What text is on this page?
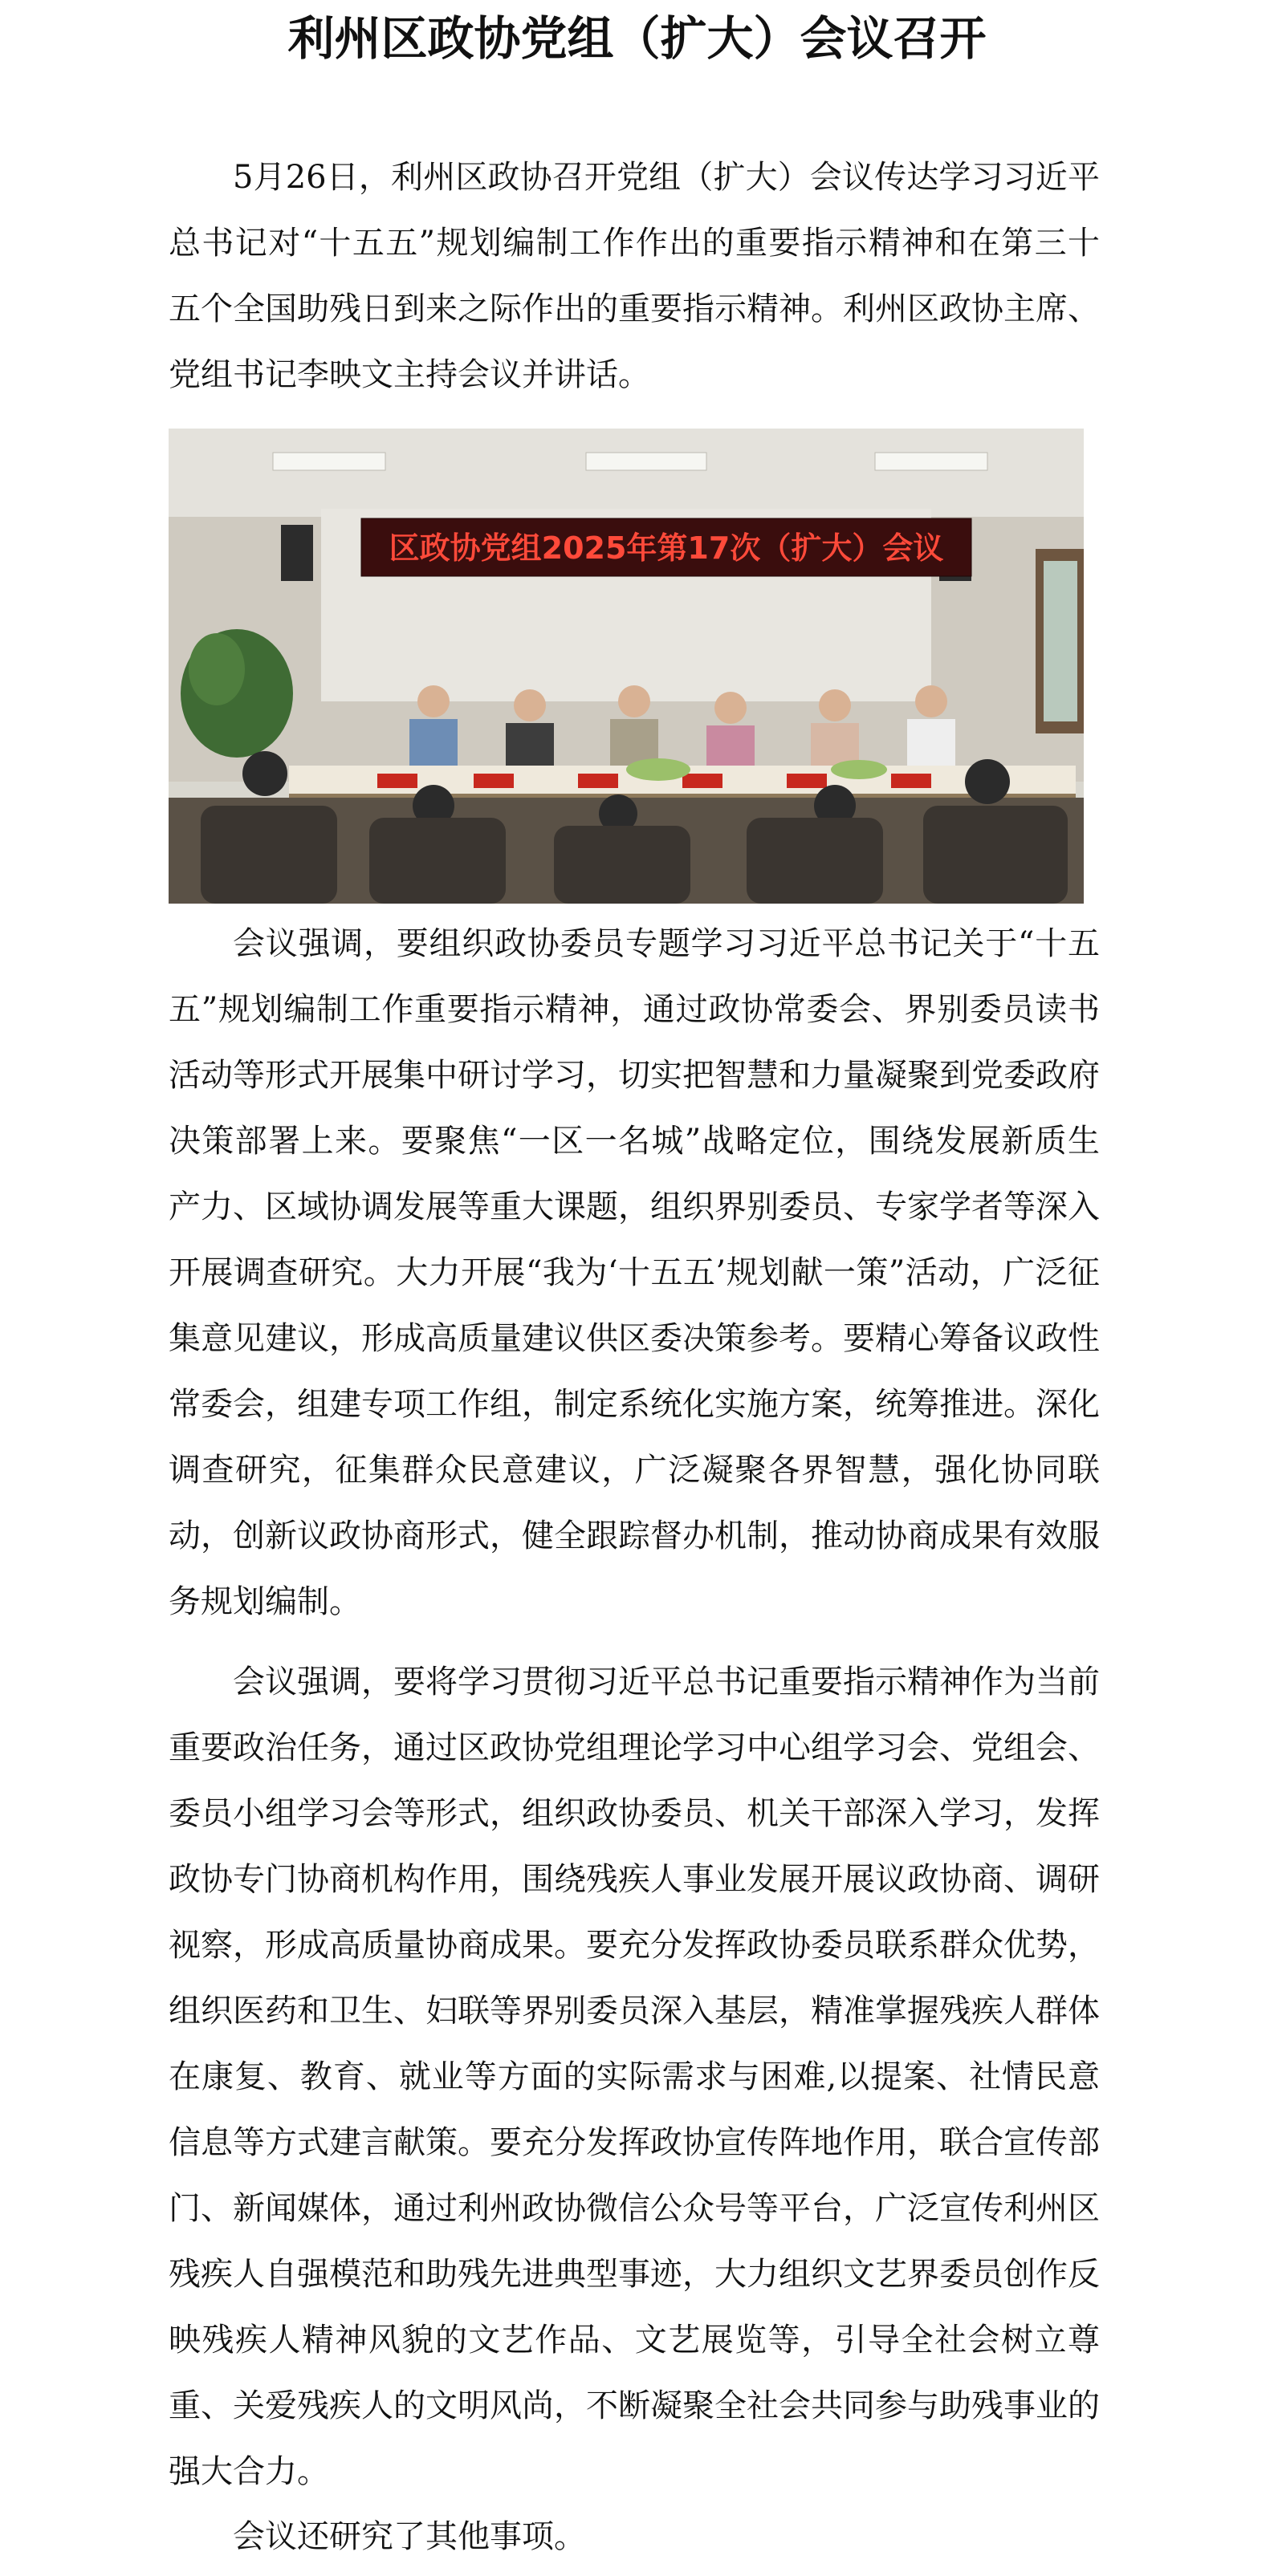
利州区政协党组（扩大）会议召开

5月26日，利州区政协召开党组（扩大）会议传达学习习近平总书记对“十五五”规划编制工作作出的重要指示精神和在第三十五个全国助残日到来之际作出的重要指示精神。利州区政协主席、党组书记李映文主持会议并讲话。

区政协党组2025年第17次（扩大）会议

会议强调，要组织政协委员专题学习习近平总书记关于“十五五”规划编制工作重要指示精神，通过政协常委会、界别委员读书活动等形式开展集中研讨学习，切实把智慧和力量凝聚到党委政府决策部署上来。要聚焦“一区一名城”战略定位，围绕发展新质生产力、区域协调发展等重大课题，组织界别委员、专家学者等深入开展调查研究。大力开展“我为‘十五五’规划献一策”活动，广泛征集意见建议，形成高质量建议供区委决策参考。要精心筹备议政性常委会，组建专项工作组，制定系统化实施方案，统筹推进。深化调查研究，征集群众民意建议，广泛凝聚各界智慧，强化协同联动，创新议政协商形式，健全跟踪督办机制，推动协商成果有效服务规划编制。

会议强调，要将学习贯彻习近平总书记重要指示精神作为当前重要政治任务，通过区政协党组理论学习中心组学习会、党组会、委员小组学习会等形式，组织政协委员、机关干部深入学习，发挥政协专门协商机构作用，围绕残疾人事业发展开展议政协商、调研视察，形成高质量协商成果。要充分发挥政协委员联系群众优势，组织医药和卫生、妇联等界别委员深入基层，精准掌握残疾人群体在康复、教育、就业等方面的实际需求与困难,以提案、社情民意信息等方式建言献策。要充分发挥政协宣传阵地作用，联合宣传部门、新闻媒体，通过利州政协微信公众号等平台，广泛宣传利州区残疾人自强模范和助残先进典型事迹，大力组织文艺界委员创作反映残疾人精神风貌的文艺作品、文艺展览等，引导全社会树立尊重、关爱残疾人的文明风尚，不断凝聚全社会共同参与助残事业的强大合力。

会议还研究了其他事项。
